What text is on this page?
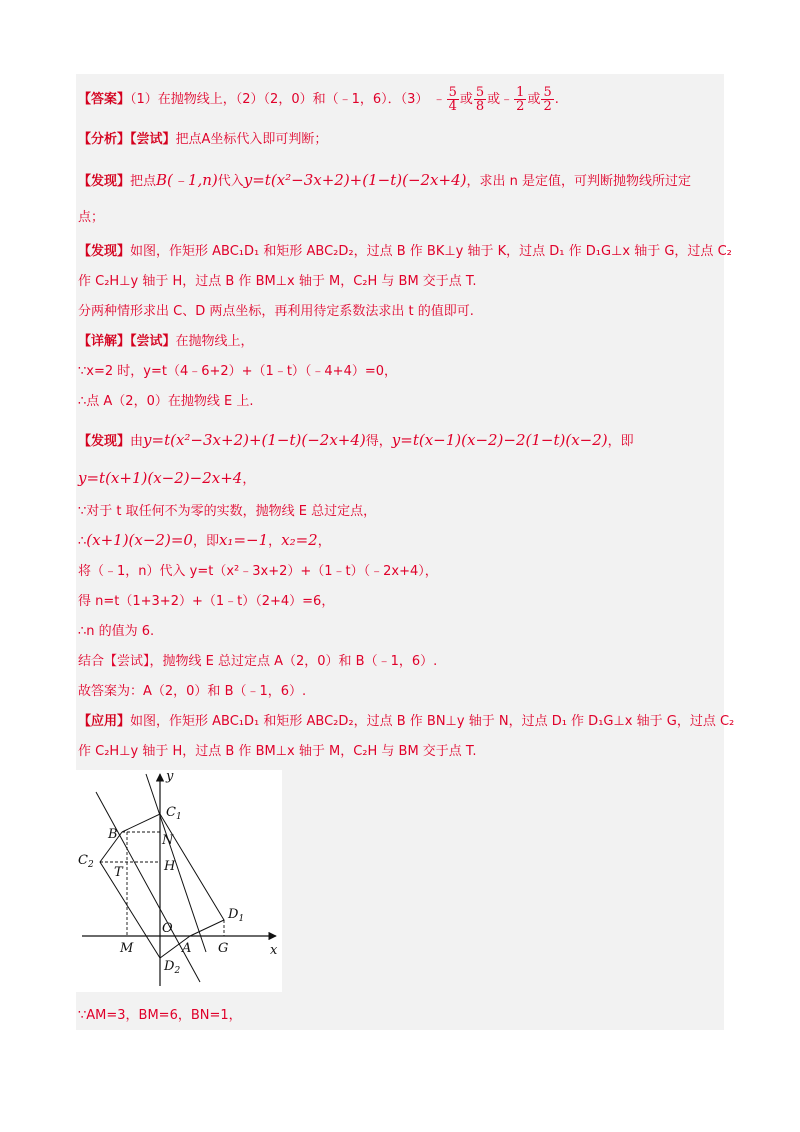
【答案】（1）在抛物线上，（2）（2，0）和（﹣1，6）．（3） ﹣ $\frac{5}{4}$ 或 $\frac{5}{8}$ 或﹣ $\frac{1}{2}$ 或 $\frac{5}{2}$ .
【分析】【尝试】把点A坐标代入即可判断；
【发现】把点B(﹣1,n)代入y=t(x²−3x+2)+(1−t)(−2x+4)，求出 n 是定值，可判断抛物线所过定
点；
【发现】如图，作矩形 ABC₁D₁ 和矩形 ABC₂D₂，过点 B 作 BK⊥y 轴于 K，过点 D₁ 作 D₁G⊥x 轴于 G，过点 C₂
作 C₂H⊥y 轴于 H，过点 B 作 BM⊥x 轴于 M，C₂H 与 BM 交于点 T.
分两种情形求出 C、D 两点坐标，再利用待定系数法求出 t 的值即可.
【详解】【尝试】在抛物线上，
∵x=2 时，y=t（4﹣6+2）+（1﹣t）（﹣4+4）=0，
∴点 A（2，0）在抛物线 E 上.
【发现】由y=t(x²−3x+2)+(1−t)(−2x+4)得，y=t(x−1)(x−2)−2(1−t)(x−2)，即
y=t(x+1)(x−2)−2x+4，
∵对于 t 取任何不为零的实数，抛物线 E 总过定点，
∴(x+1)(x−2)=0，即x₁=−1，x₂=2，
将（﹣1，n）代入 y=t（x²﹣3x+2）+（1﹣t）（﹣2x+4），
得 n=t（1+3+2）+（1﹣t）（2+4）=6，
∴n 的值为 6.
结合【尝试】，抛物线 E 总过定点 A（2，0）和 B（﹣1，6）.
故答案为：A（2，0）和 B（﹣1，6）.
【应用】如图，作矩形 ABC₁D₁ 和矩形 ABC₂D₂，过点 B 作 BN⊥y 轴于 N，过点 D₁ 作 D₁G⊥x 轴于 G，过点 C₂
作 C₂H⊥y 轴于 H，过点 B 作 BM⊥x 轴于 M，C₂H 与 BM 交于点 T.
y
x
$C_1$
B	N
$C_2$ T	H
$D_1$
O
A
M	G
$D_2$
∵AM=3，BM=6，BN=1，
